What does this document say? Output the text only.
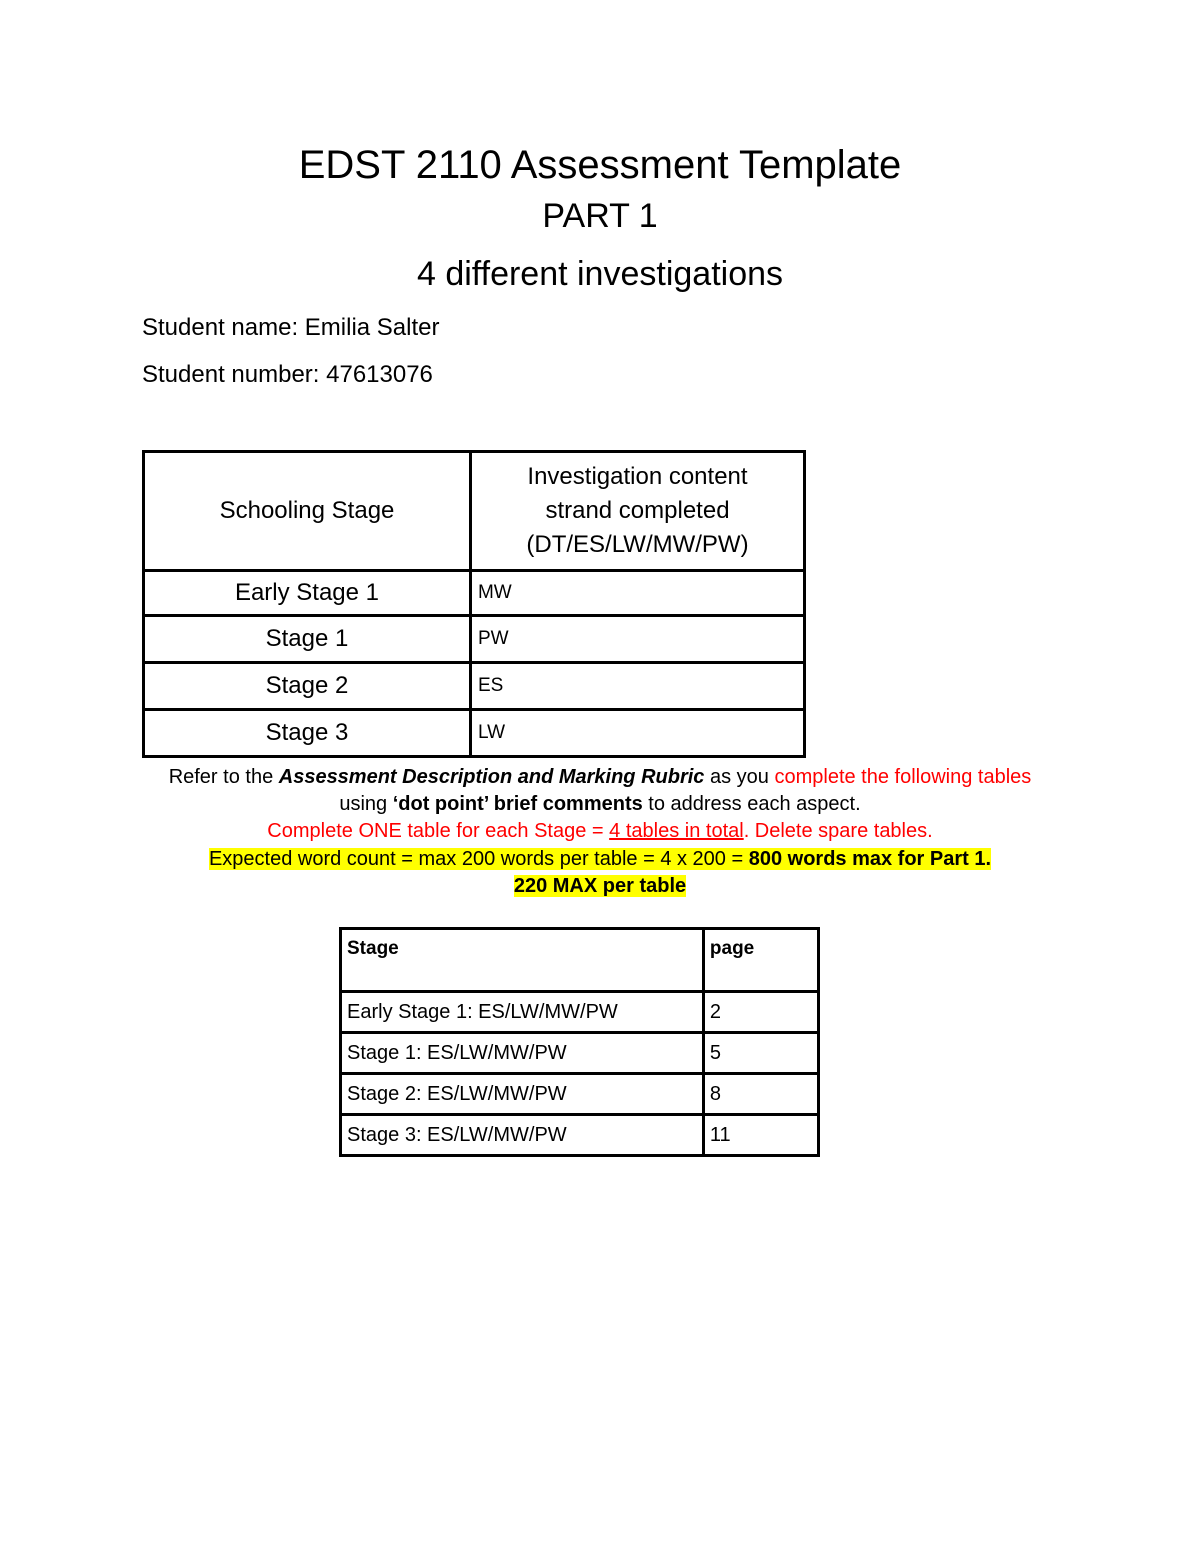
EDST 2110 Assessment Template
PART 1
4 different investigations
Student name: Emilia Salter
Student number: 47613076
Schooling Stage	Investigation content
strand completed
(DT/ES/LW/MW/PW)

Early Stage 1	MW
Stage 1	PW
Stage 2	ES
Stage 3	LW
Refer to the Assessment Description and Marking Rubric as you complete the following tables
using ‘dot point’ brief comments to address each aspect.
Complete ONE table for each Stage = 4 tables in total. Delete spare tables.
Expected word count = max 200 words per table = 4 x 200 = 800 words max for Part 1.
220 MAX per table
Stage	page
Early Stage 1: ES/LW/MW/PW	2
Stage 1: ES/LW/MW/PW	5
Stage 2: ES/LW/MW/PW	8
Stage 3: ES/LW/MW/PW	11
